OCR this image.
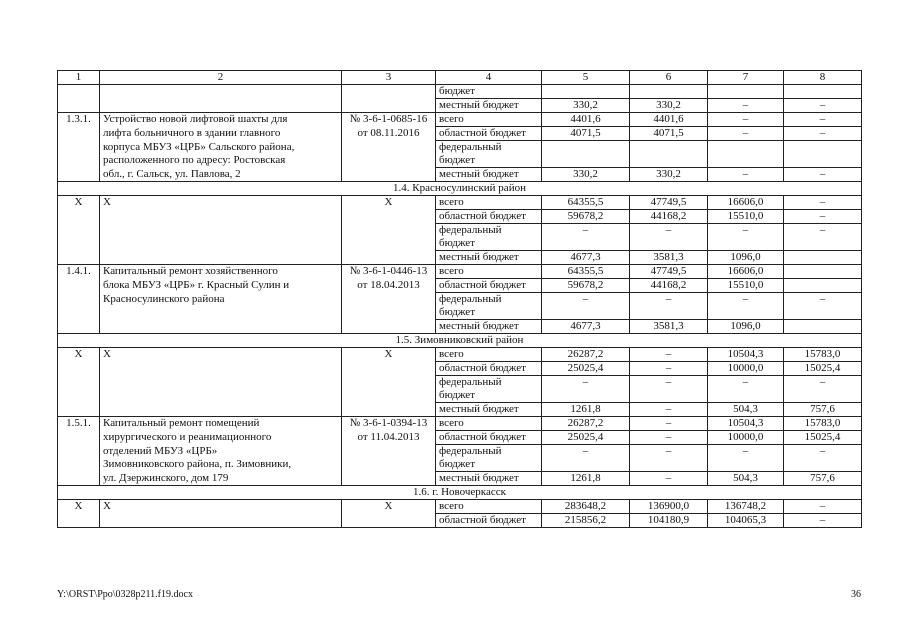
1	2	3	4	5	6	7	8
			бюджет				
			местный бюджет	330,2	330,2	–	–
1.3.1.	Устройство новой лифтовой шахты для	№ 3-6-1-0685-16	всего	4401,6	4401,6	–	–
	лифта больничного в здании главного	от 08.11.2016	областной бюджет	4071,5	4071,5	–	–
	корпуса МБУЗ «ЦРБ» Сальского района,		федеральный				
	расположенного по адресу: Ростовская		бюджет				
	обл., г. Сальск, ул. Павлова, 2		местный бюджет	330,2	330,2	–	–
1.4. Красносулинский район							
X	X	X	всего	64355,5	47749,5	16606,0	–
			областной бюджет	59678,2	44168,2	15510,0	–
			федеральный	–	–	–	–
			бюджет				
			местный бюджет	4677,3	3581,3	1096,0	
1.4.1.	Капитальный ремонт хозяйственного	№ 3-6-1-0446-13	всего	64355,5	47749,5	16606,0	
	блока МБУЗ «ЦРБ» г. Красный Сулин и	от 18.04.2013	областной бюджет	59678,2	44168,2	15510,0	
	Красносулинского района		федеральный	–	–	–	–
			бюджет				
			местный бюджет	4677,3	3581,3	1096,0	
1.5. Зимовниковский район							
X	X	X	всего	26287,2	–	10504,3	15783,0
			областной бюджет	25025,4	–	10000,0	15025,4
			федеральный	–	–	–	–
			бюджет				
			местный бюджет	1261,8	–	504,3	757,6
1.5.1.	Капитальный ремонт помещений	№ 3-6-1-0394-13	всего	26287,2	–	10504,3	15783,0
	хирургического и реанимационного	от 11.04.2013	областной бюджет	25025,4	–	10000,0	15025,4
	отделений МБУЗ «ЦРБ»		федеральный	–	–	–	–
	Зимовниковского района, п. Зимовники,		бюджет				
	ул. Дзержинского, дом 179		местный бюджет	1261,8	–	504,3	757,6
1.6. г. Новочеркасск							
X	X	X	всего	283648,2	136900,0	136748,2	–
			областной бюджет	215856,2	104180,9	104065,3	–
Y:\ORST\Ppo\0328p211.f19.docx	36
